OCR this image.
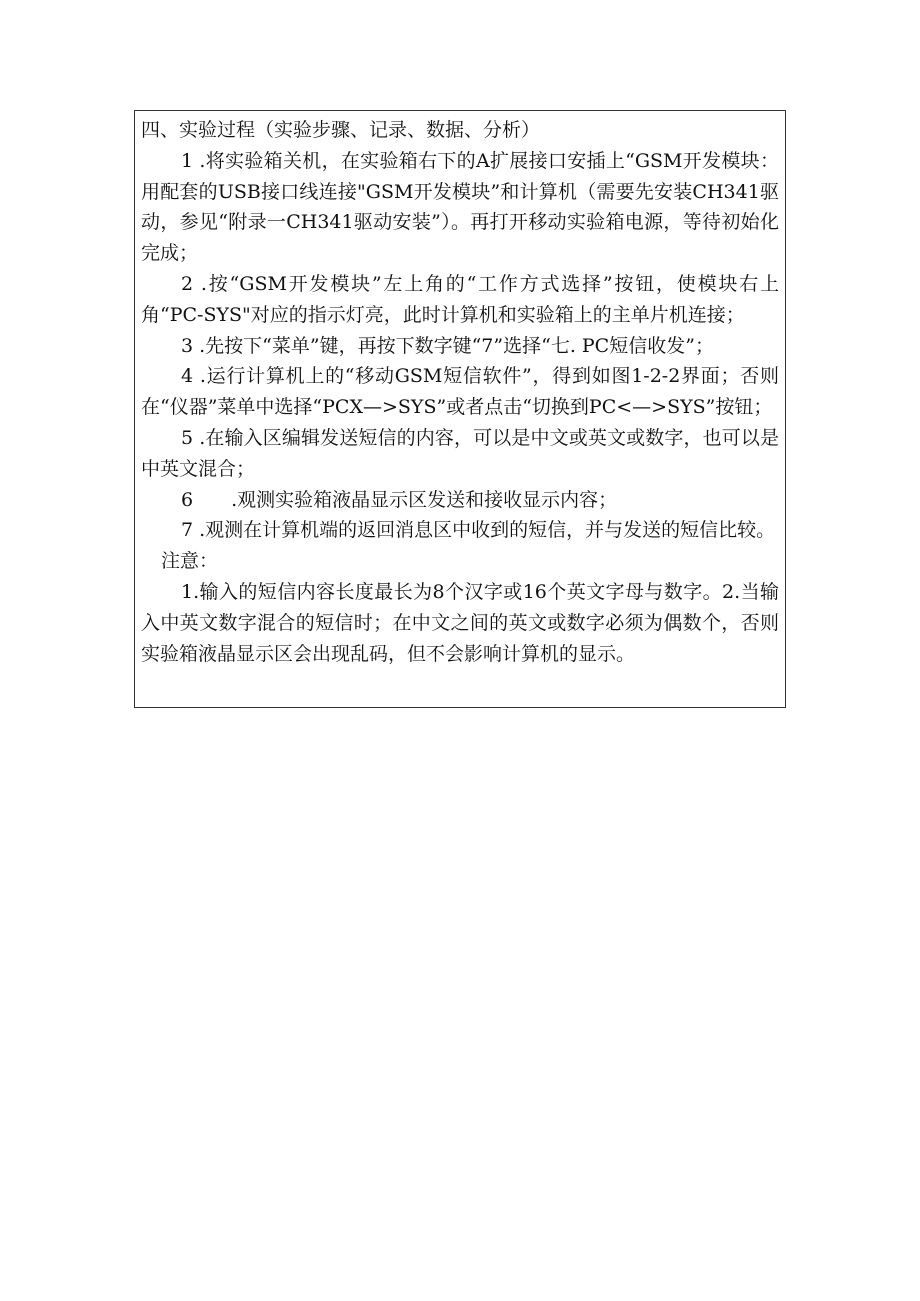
四、实验过程（实验步骤、记录、数据、分析）

1 .将实验箱关机，在实验箱右下的A扩展接口安插上“GSM开发模块：用配套的USB接口线连接"GSM开发模块”和计算机（需要先安装CH341驱动，参见“附录一CH341驱动安装”）。再打开移动实验箱电源，等待初始化完成；

2 .按“GSM开发模块”左上角的“工作方式选择”按钮，使模块右上角“PC-SYS"对应的指示灯亮，此时计算机和实验箱上的主单片机连接；

3 .先按下“菜单”键，再按下数字键“7”选择“七. PC短信收发”；

4 .运行计算机上的“移动GSM短信软件”，得到如图1-2-2界面；否则在“仪器”菜单中选择“PCX—>SYS”或者点击“切换到PC<—>SYS”按钮；

5 .在输入区编辑发送短信的内容，可以是中文或英文或数字，也可以是中英文混合；

6　　.观测实验箱液晶显示区发送和接收显示内容；

7 .观测在计算机端的返回消息区中收到的短信，并与发送的短信比较。

注意：

1.输入的短信内容长度最长为8个汉字或16个英文字母与数字。2.当输入中英文数字混合的短信时；在中文之间的英文或数字必须为偶数个，否则实验箱液晶显示区会出现乱码，但不会影响计算机的显示。
